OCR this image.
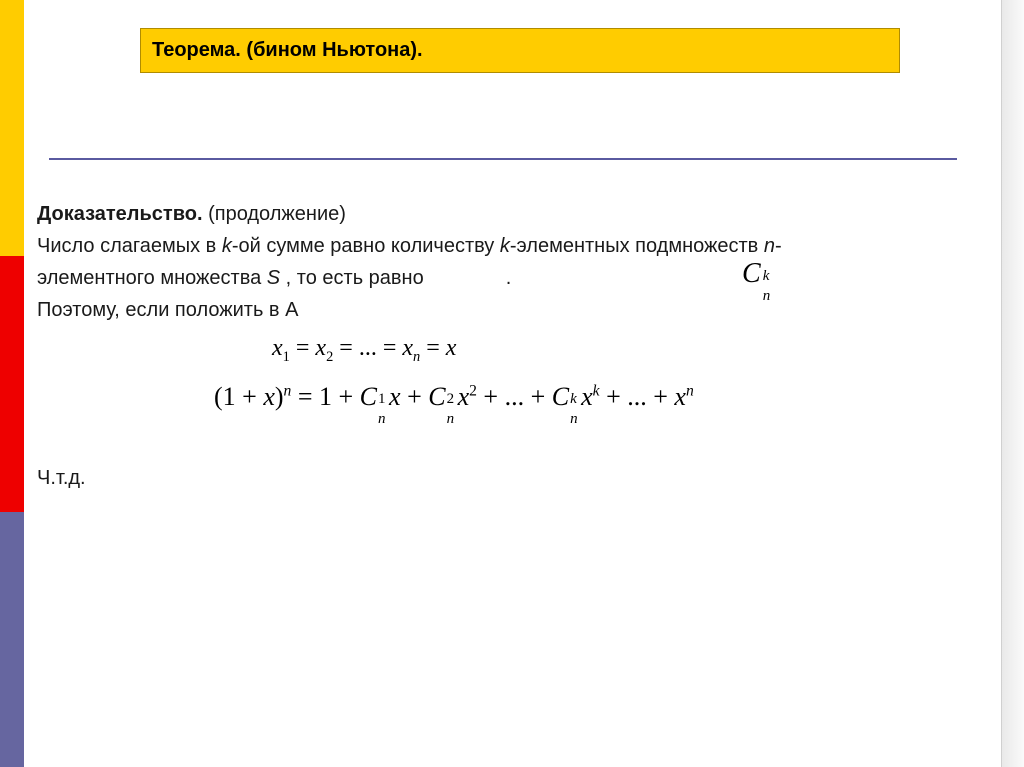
Теорема. (бином Ньютона).
Доказательство. (продолжение)
Число слагаемых в k-ой сумме равно количеству k-элементных подмножеств n-
элементного множества S , то есть равно	.
Поэтому, если положить в А
C k
n
$x_1 = x_2$ = ... = $x_n = x$
$(1 + x)^n = 1 + C$ 1
n
x + C 2
n
$x^2$ + ... + C k
n
$x^k$ + ... + $x^n$
Ч.т.д.
